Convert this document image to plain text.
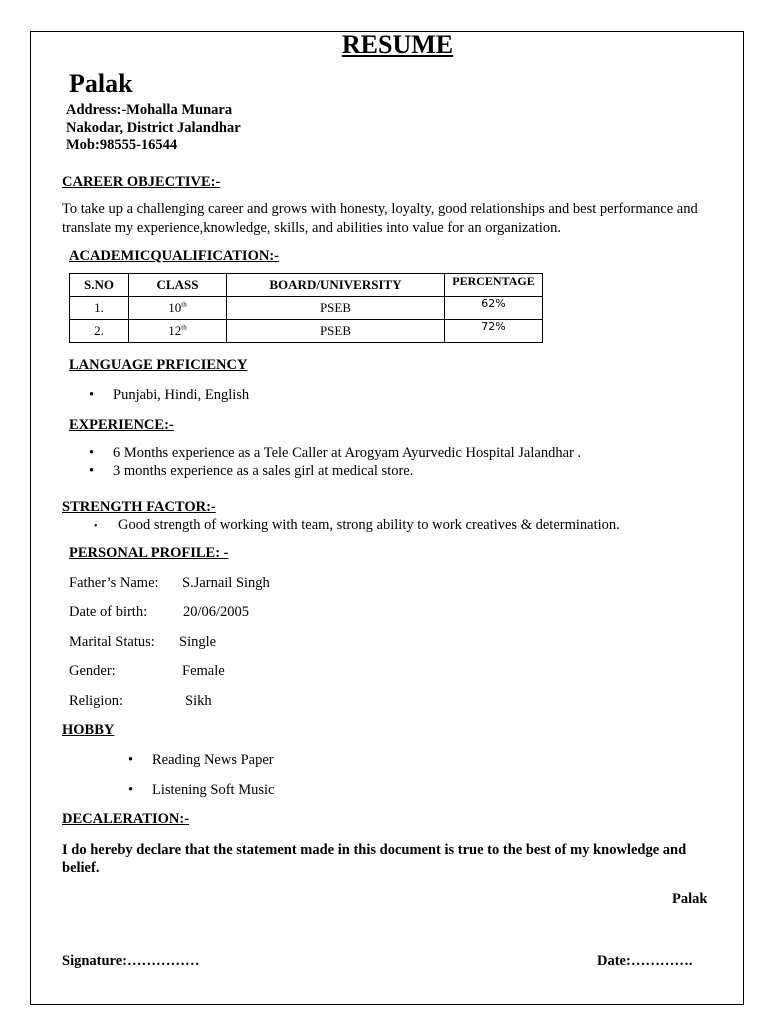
RESUME
Palak
Address:-Mohalla Munara
Nakodar, District Jalandhar
Mob:98555-16544
CAREER OBJECTIVE:-
To take up a challenging career and grows with honesty, loyalty, good relationships and best performance and
translate my experience,knowledge, skills, and abilities into value for an organization.
ACADEMICQUALIFICATION:-
S.NO	CLASS	BOARD/UNIVERSITY	PERCENTAGE
1.	10th	PSEB	62%
2.	12th	PSEB	72%
LANGUAGE PRFICIENCY
• Punjabi, Hindi, English
EXPERIENCE:-
• 6 Months experience as a Tele Caller at Arogyam Ayurvedic Hospital Jalandhar .
• 3 months experience as a sales girl at medical store.
STRENGTH FACTOR:-
• Good strength of working with team, strong ability to work creatives & determination.
PERSONAL PROFILE: -
Father’s Name: S.Jarnail Singh
Date of birth: 20/06/2005
Marital Status: Single
Gender:	Female
Religion:	Sikh
HOBBY
• Reading News Paper
• Listening Soft Music
DECALERATION:-
I do hereby declare that the statement made in this document is true to the best of my knowledge and
belief.
Palak
Signature:……………	Date:………….
